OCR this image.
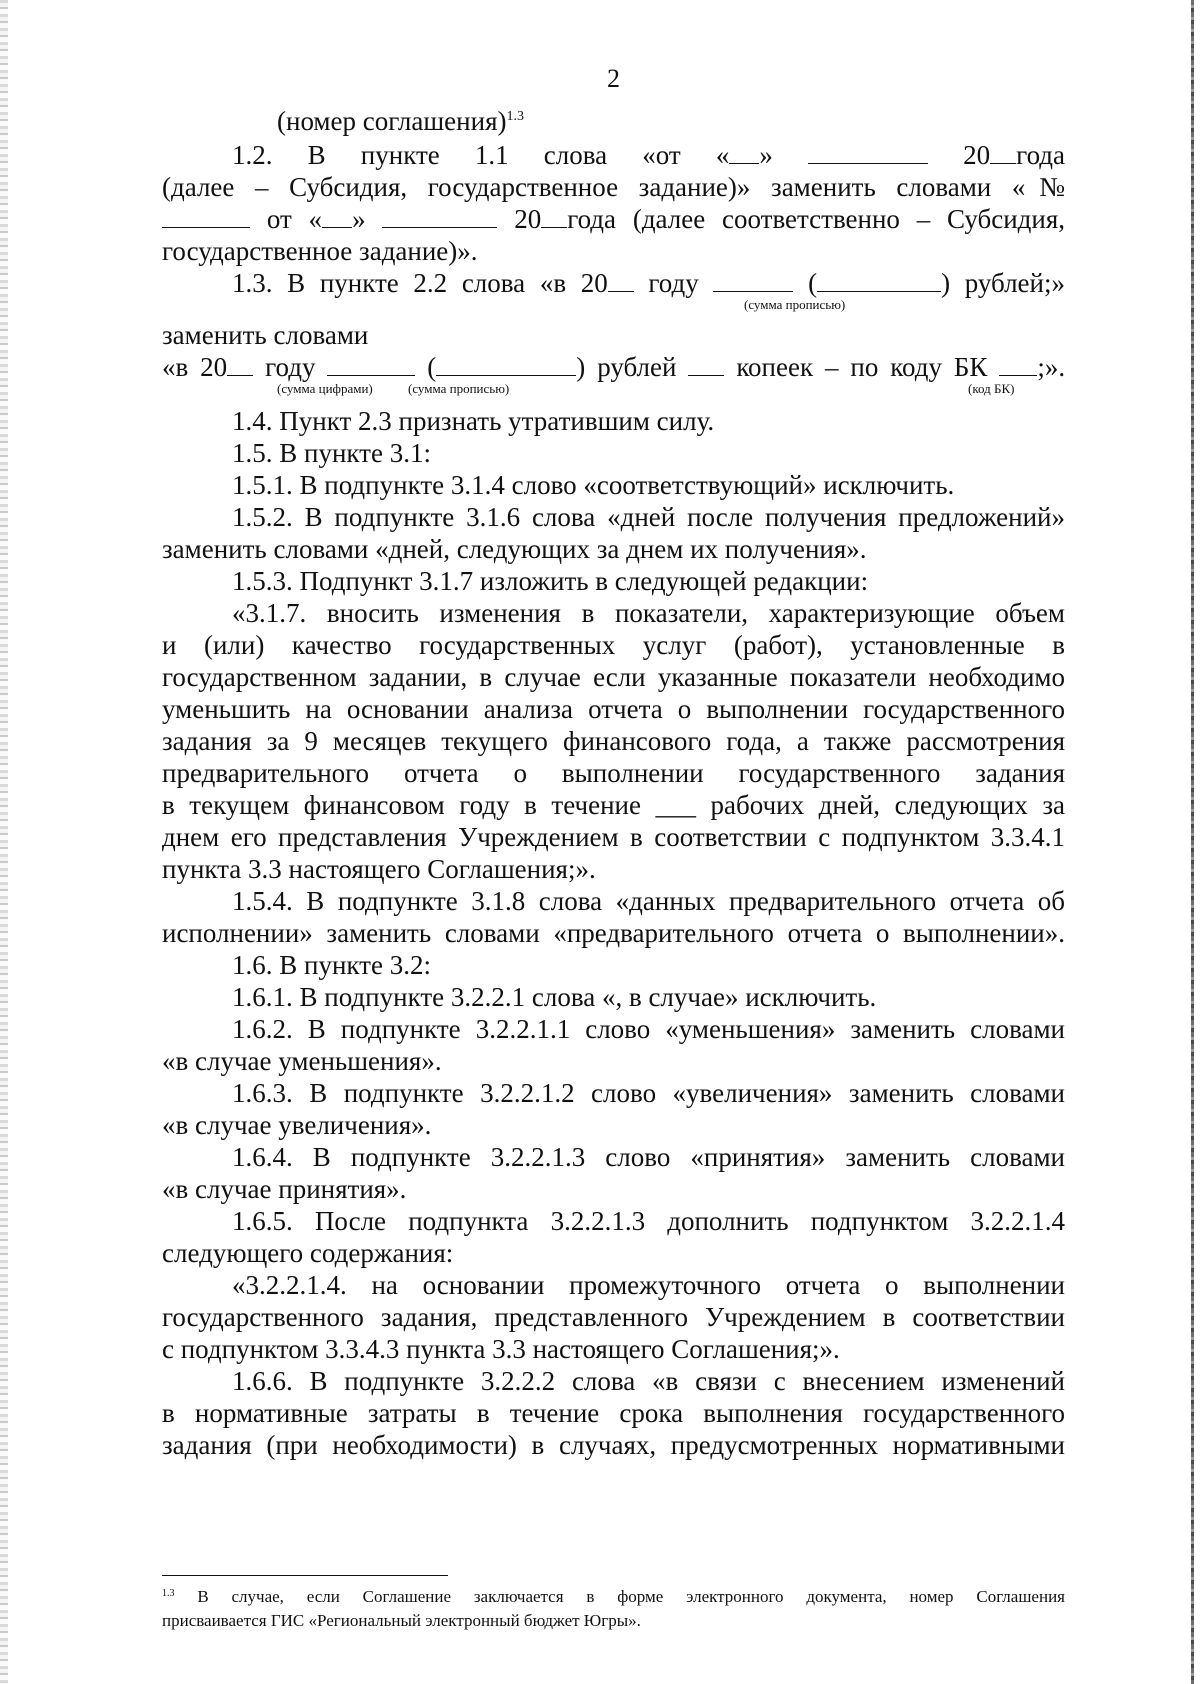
2
(номер соглашения)$^{1.3}$
1.2. В пункте 1.1 слова «от « »	20 года
(далее – Субсидия, государственное задание)» заменить словами «№
от « »	20 года (далее соответственно – Субсидия,
государственное задание)».
1.3. В пункте 2.2 слова «в 20 году	(	) рублей;»
(сумма прописью)
заменить словами
«в 20 году	(	) рублей копеек – по коду БК ;».
(сумма цифрами)	(сумма прописью)	(код БК)
1.4. Пункт 2.3 признать утратившим силу.
1.5. В пункте 3.1:
1.5.1. В подпункте 3.1.4 слово «соответствующий» исключить.
1.5.2. В подпункте 3.1.6 слова «дней после получения предложений»
заменить словами «дней, следующих за днем их получения».
1.5.3. Подпункт 3.1.7 изложить в следующей редакции:
«3.1.7. вносить изменения в показатели, характеризующие объем
и (или) качество государственных услуг (работ), установленные в
государственном задании, в случае если указанные показатели необходимо
уменьшить на основании анализа отчета о выполнении государственного
задания за 9 месяцев текущего финансового года, а также рассмотрения
предварительного отчета о выполнении государственного задания
в текущем финансовом году в течение ___ рабочих дней, следующих за
днем его представления Учреждением в соответствии с подпунктом 3.3.4.1
пункта 3.3 настоящего Соглашения;».
1.5.4. В подпункте 3.1.8 слова «данных предварительного отчета об
исполнении» заменить словами «предварительного отчета о выполнении».
1.6. В пункте 3.2:
1.6.1. В подпункте 3.2.2.1 слова «, в случае» исключить.
1.6.2. В подпункте 3.2.2.1.1 слово «уменьшения» заменить словами
«в случае уменьшения».
1.6.3. В подпункте 3.2.2.1.2 слово «увеличения» заменить словами
«в случае увеличения».
1.6.4. В подпункте 3.2.2.1.3 слово «принятия» заменить словами
«в случае принятия».
1.6.5. После подпункта 3.2.2.1.3 дополнить подпунктом 3.2.2.1.4
следующего содержания:
«3.2.2.1.4. на основании промежуточного отчета о выполнении
государственного задания, представленного Учреждением в соответствии
с подпунктом 3.3.4.3 пункта 3.3 настоящего Соглашения;».
1.6.6. В подпункте 3.2.2.2 слова «в связи с внесением изменений
в нормативные затраты в течение срока выполнения государственного
задания (при необходимости) в случаях, предусмотренных нормативными
$^{1.3}$ В случае, если Соглашение заключается в форме электронного документа, номер Соглашения
присваивается ГИС «Региональный электронный бюджет Югры».
